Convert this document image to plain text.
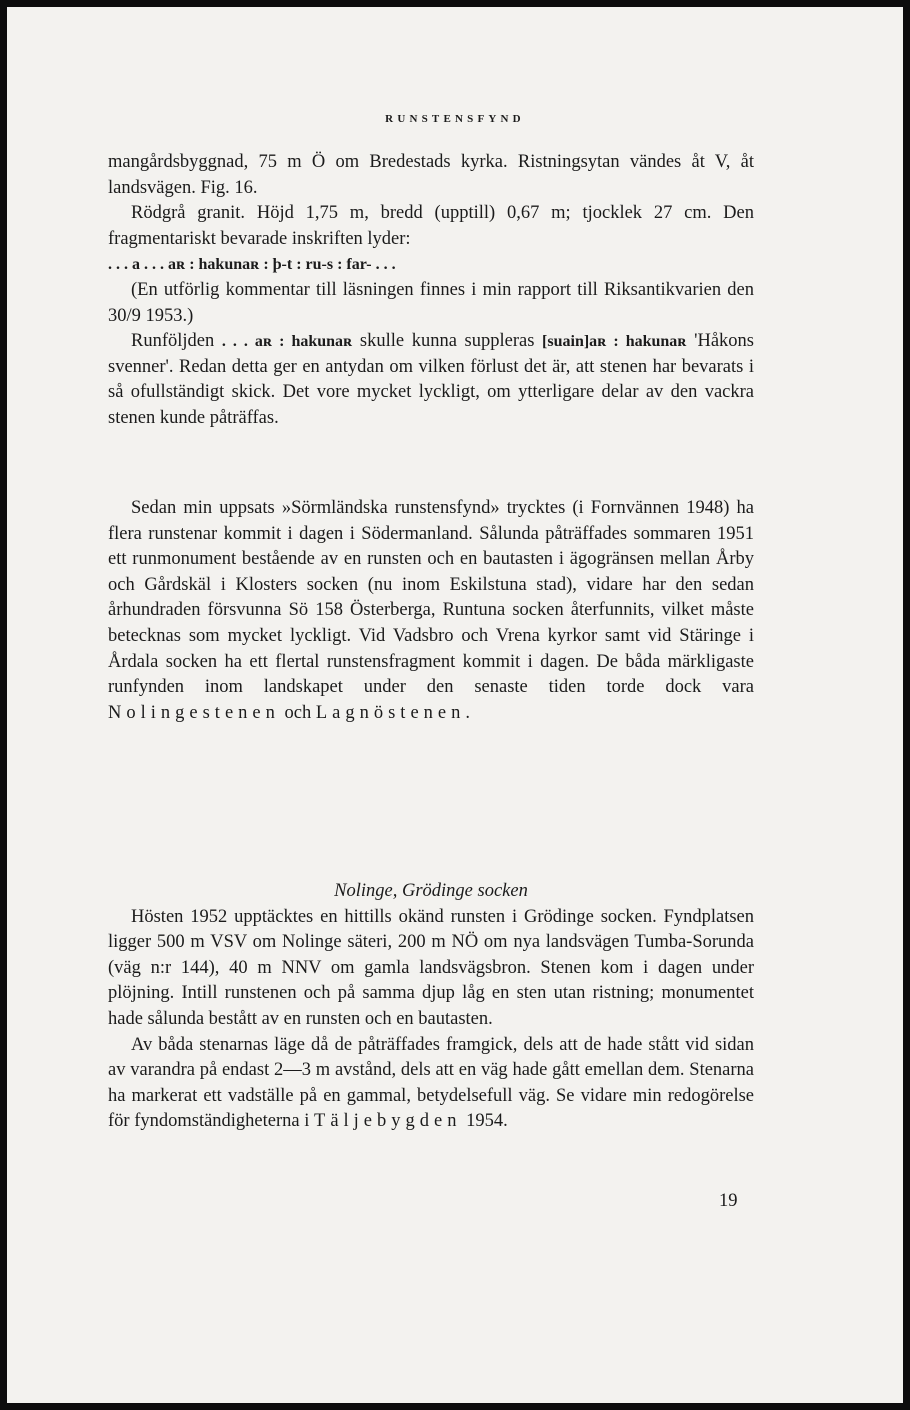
RUNSTENSFYND

mangårdsbyggnad, 75 m Ö om Bredestads kyrka. Ristningsytan vändes åt V, åt landsvägen. Fig. 16.

Rödgrå granit. Höjd 1,75 m, bredd (upptill) 0,67 m; tjocklek 27 cm. Den fragmentariskt bevarade inskriften lyder:

. . . a . . . aʀ : hakunaʀ : þ-t : ru-s : far- . . .

(En utförlig kommentar till läsningen finnes i min rapport till Riksantikvarien den 30/9 1953.)

Runföljden . . . aʀ : hakunaʀ skulle kunna suppleras [suain]aʀ : hakunaʀ 'Håkons svenner'. Redan detta ger en antydan om vilken förlust det är, att stenen har bevarats i så ofullständigt skick. Det vore mycket lyckligt, om ytterligare delar av den vackra stenen kunde påträffas.

Sedan min uppsats »Sörmländska runstensfynd» trycktes (i Fornvännen 1948) ha flera runstenar kommit i dagen i Södermanland. Sålunda påträffades sommaren 1951 ett runmonument bestående av en runsten och en bautasten i ägogränsen mellan Årby och Gårdskäl i Klosters socken (nu inom Eskilstuna stad), vidare har den sedan århundraden försvunna Sö 158 Österberga, Runtuna socken återfunnits, vilket måste betecknas som mycket lyckligt. Vid Vadsbro och Vrena kyrkor samt vid Stäringe i Årdala socken ha ett flertal runstensfragment kommit i dagen. De båda märkligaste runfynden inom landskapet under den senaste tiden torde dock vara Nolingestenen och Lagnöstenen.

Nolinge, Grödinge socken

Hösten 1952 upptäcktes en hittills okänd runsten i Grödinge socken. Fyndplatsen ligger 500 m VSV om Nolinge säteri, 200 m NÖ om nya landsvägen Tumba-Sorunda (väg n:r 144), 40 m NNV om gamla landsvägsbron. Stenen kom i dagen under plöjning. Intill runstenen och på samma djup låg en sten utan ristning; monumentet hade sålunda bestått av en runsten och en bautasten.

Av båda stenarnas läge då de påträffades framgick, dels att de hade stått vid sidan av varandra på endast 2—3 m avstånd, dels att en väg hade gått emellan dem. Stenarna ha markerat ett vadställe på en gammal, betydelsefull väg. Se vidare min redogörelse för fyndomständigheterna i Täljebygden 1954.

19
